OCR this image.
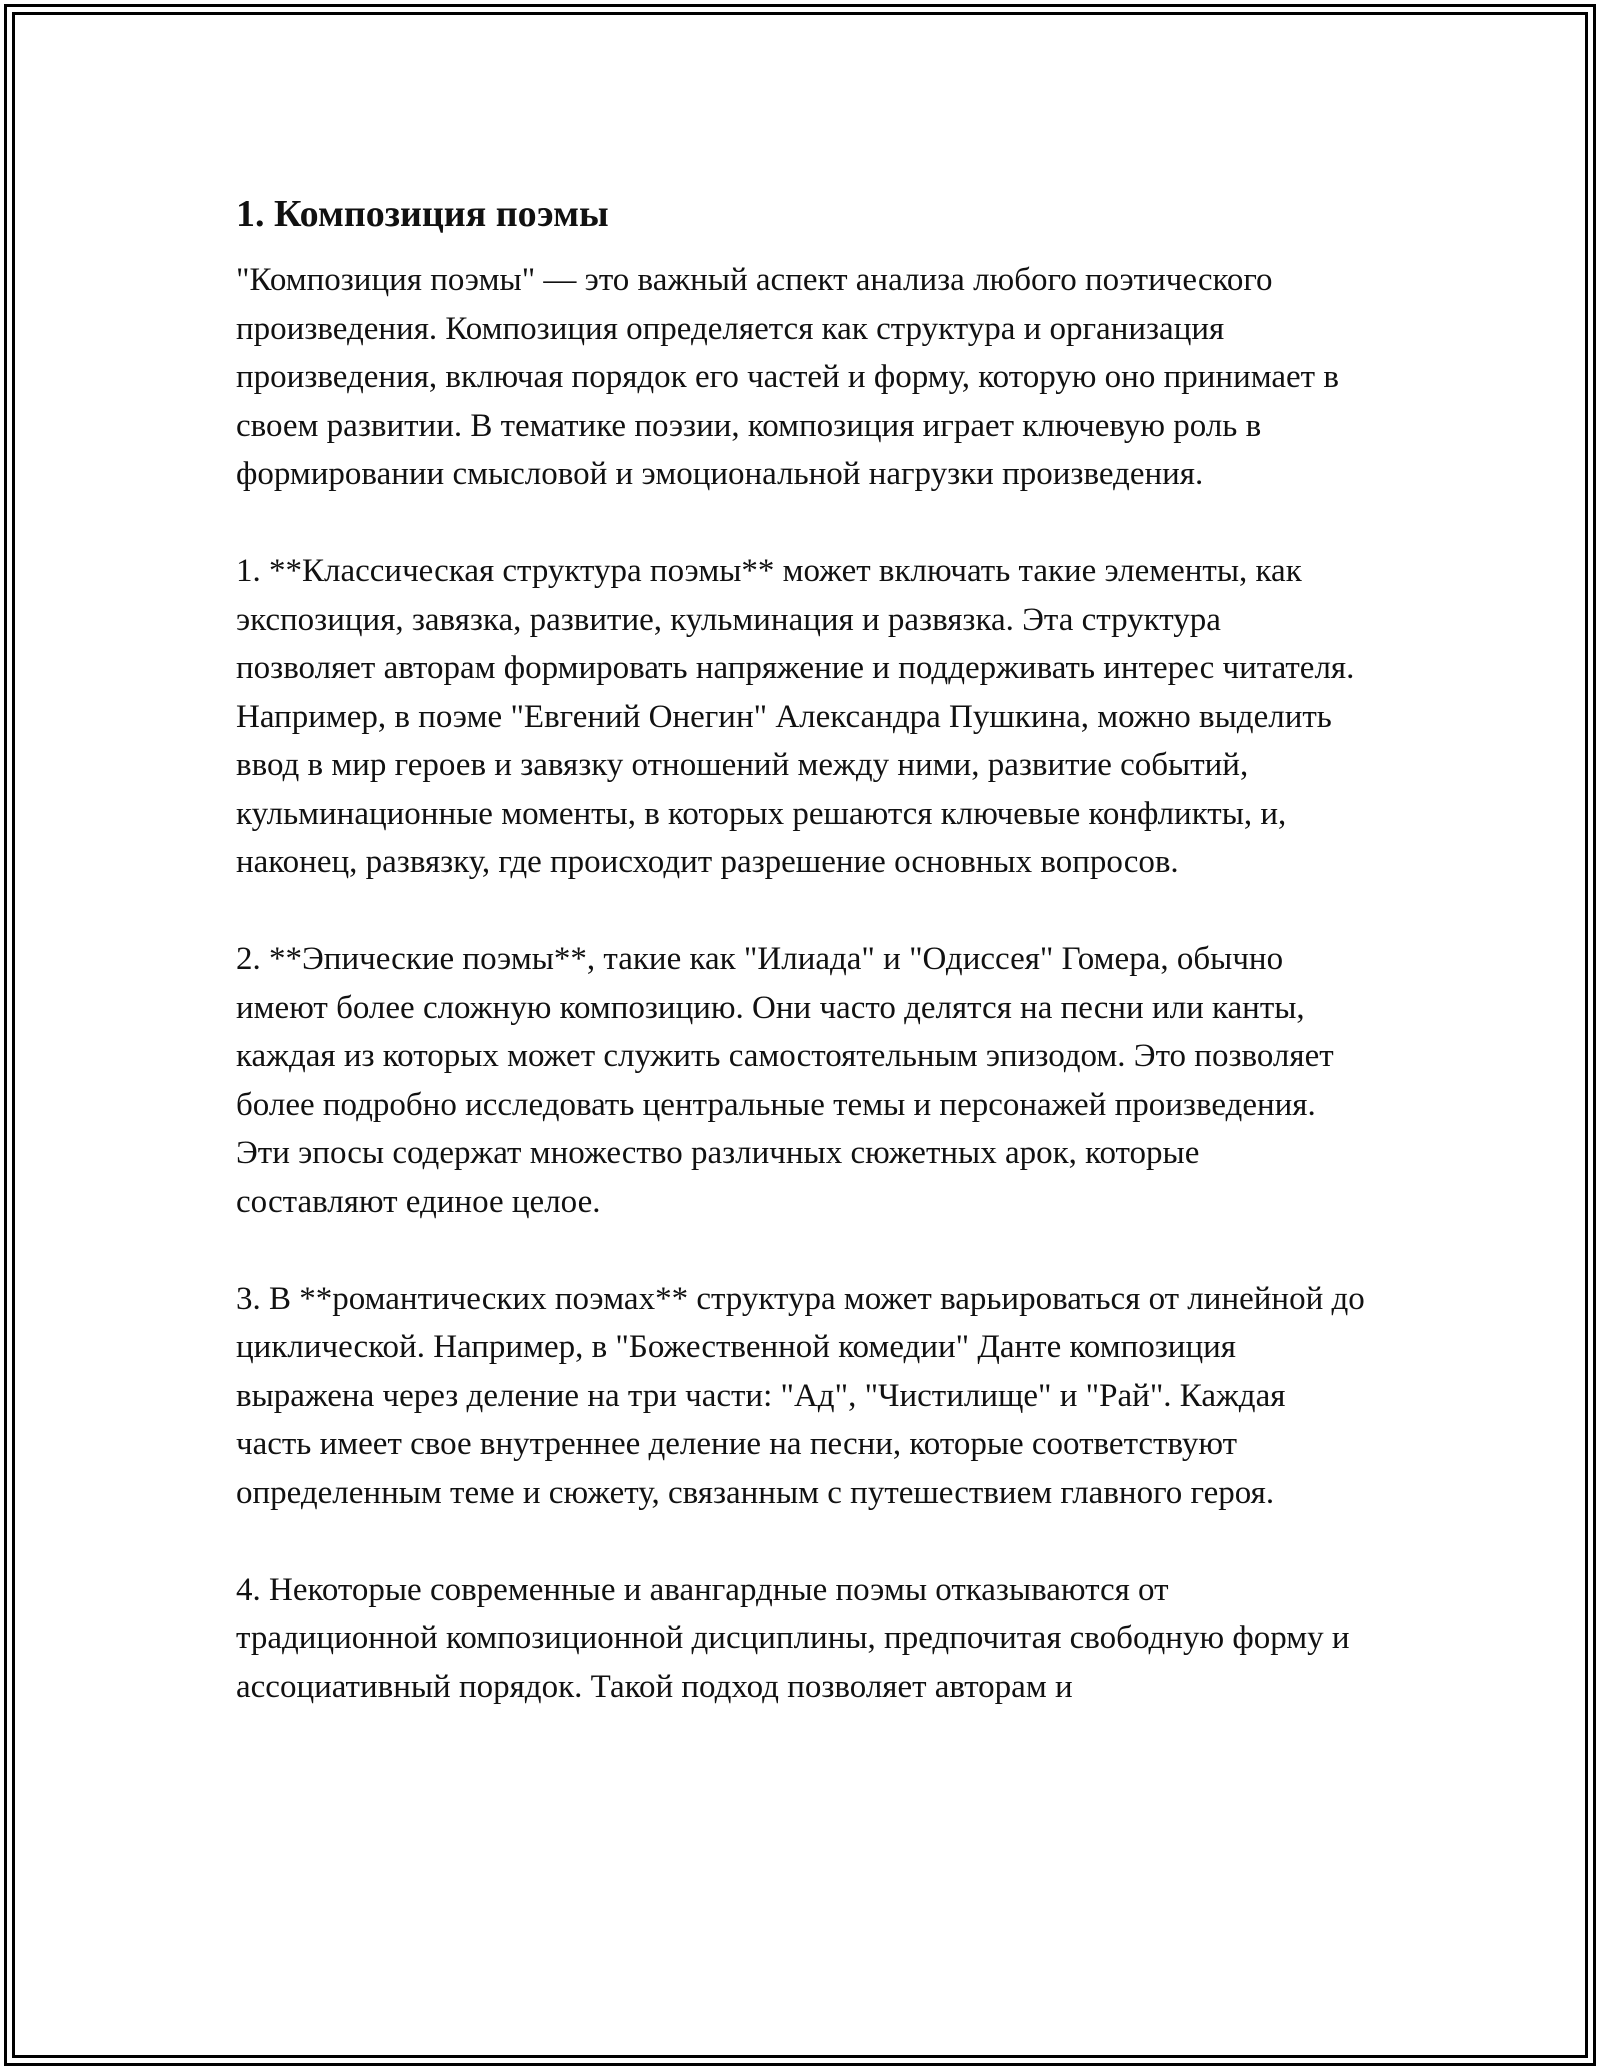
1. Композиция поэмы

"Композиция поэмы" — это важный аспект анализа любого поэтического произведения. Композиция определяется как структура и организация произведения, включая порядок его частей и форму, которую оно принимает в своем развитии. В тематике поэзии, композиция играет ключевую роль в формировании смысловой и эмоциональной нагрузки произведения.

1. **Классическая структура поэмы** может включать такие элементы, как экспозиция, завязка, развитие, кульминация и развязка. Эта структура позволяет авторам формировать напряжение и поддерживать интерес читателя. Например, в поэме "Евгений Онегин" Александра Пушкина, можно выделить ввод в мир героев и завязку отношений между ними, развитие событий, кульминационные моменты, в которых решаются ключевые конфликты, и, наконец, развязку, где происходит разрешение основных вопросов.

2. **Эпические поэмы**, такие как "Илиада" и "Одиссея" Гомера, обычно имеют более сложную композицию. Они часто делятся на песни или канты, каждая из которых может служить самостоятельным эпизодом. Это позволяет более подробно исследовать центральные темы и персонажей произведения. Эти эпосы содержат множество различных сюжетных арок, которые составляют единое целое.

3. В **романтических поэмах** структура может варьироваться от линейной до циклической. Например, в "Божественной комедии" Данте композиция выражена через деление на три части: "Ад", "Чистилище" и "Рай". Каждая часть имеет свое внутреннее деление на песни, которые соответствуют определенным теме и сюжету, связанным с путешествием главного героя.

4. Некоторые современные и авангардные поэмы отказываются от традиционной композиционной дисциплины, предпочитая свободную форму и ассоциативный порядок. Такой подход позволяет авторам и
